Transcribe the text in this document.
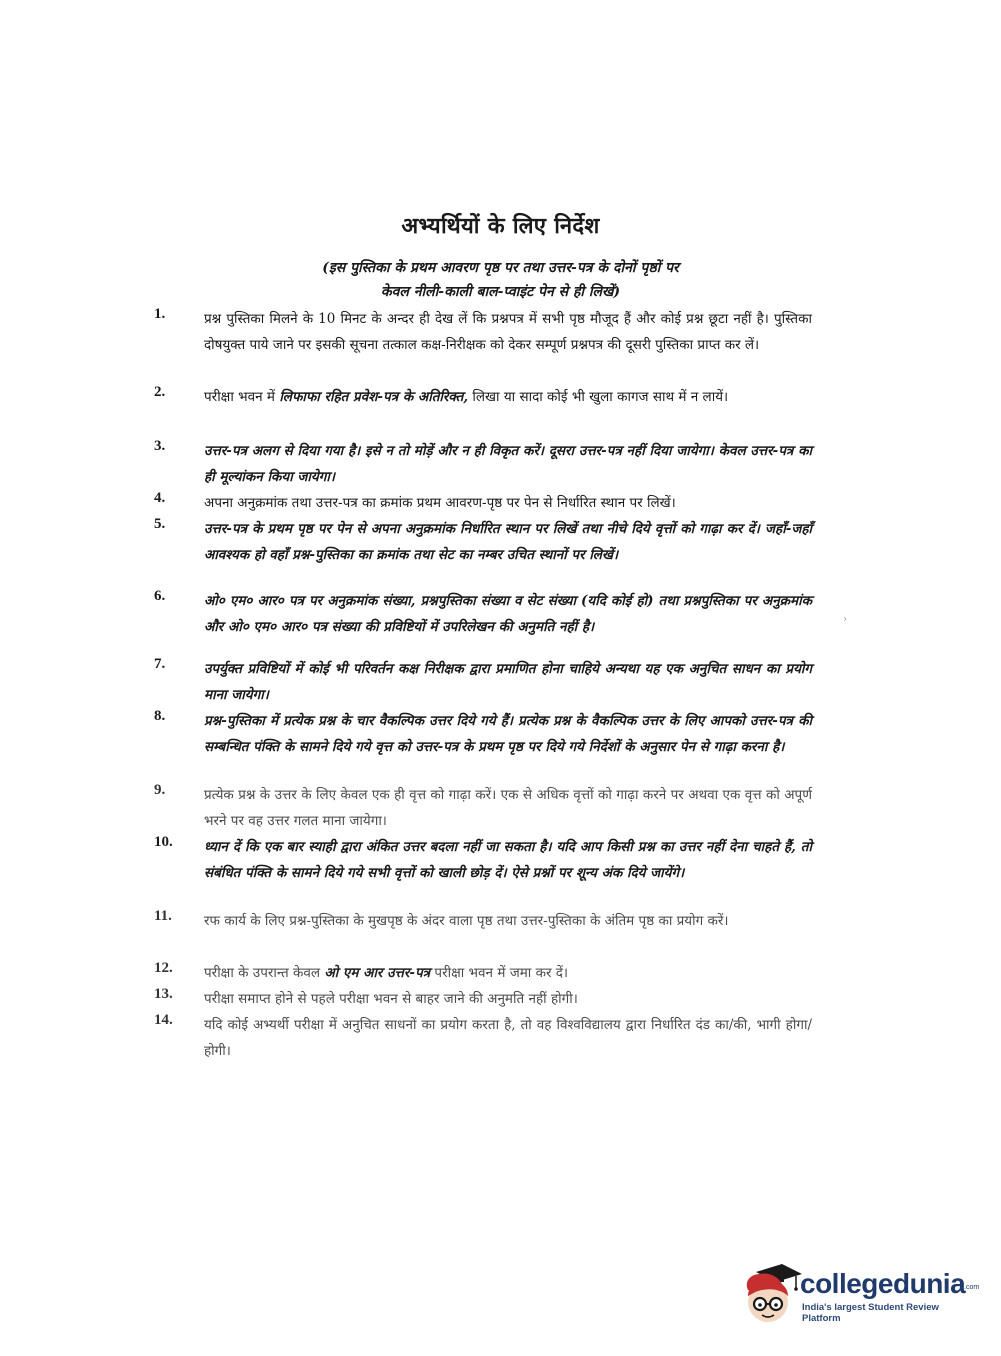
अभ्यर्थियों के लिए निर्देश
(इस पुस्तिका के प्रथम आवरण पृष्ठ पर तथा उत्तर-पत्र के दोनों पृष्ठों पर
केवल नीली-काली बाल-प्वाइंट पेन से ही लिखें)
1.	प्रश्न पुस्तिका मिलने के 10 मिनट के अन्दर ही देख लें कि प्रश्नपत्र में सभी पृष्ठ मौजूद हैं और कोई प्रश्न छूटा नहीं है। पुस्तिका दोषयुक्त पाये जाने पर इसकी सूचना तत्काल कक्ष-निरीक्षक को देकर सम्पूर्ण प्रश्नपत्र की दूसरी पुस्तिका प्राप्त कर लें।
2.	परीक्षा भवन में लिफाफा रहित प्रवेश-पत्र के अतिरिक्त, लिखा या सादा कोई भी खुला कागज साथ में न लायें।
3.	उत्तर-पत्र अलग से दिया गया है। इसे न तो मोड़ें और न ही विकृत करें। दूसरा उत्तर-पत्र नहीं दिया जायेगा। केवल उत्तर-पत्र का ही मूल्यांकन किया जायेगा।
4.	अपना अनुक्रमांक तथा उत्तर-पत्र का क्रमांक प्रथम आवरण-पृष्ठ पर पेन से निर्धारित स्थान पर लिखें।
5.	उत्तर-पत्र के प्रथम पृष्ठ पर पेन से अपना अनुक्रमांक निर्धारित स्थान पर लिखें तथा नीचे दिये वृत्तों को गाढ़ा कर दें। जहाँ-जहाँ आवश्यक हो वहाँ प्रश्न-पुस्तिका का क्रमांक तथा सेट का नम्बर उचित स्थानों पर लिखें।
6.	ओ० एम० आर० पत्र पर अनुक्रमांक संख्या, प्रश्नपुस्तिका संख्या व सेट संख्या (यदि कोई हो) तथा प्रश्नपुस्तिका पर अनुक्रमांक और ओ० एम० आर० पत्र संख्या की प्रविष्टियों में उपरिलेखन की अनुमति नहीं है।
7.	उपर्युक्त प्रविष्टियों में कोई भी परिवर्तन कक्ष निरीक्षक द्वारा प्रमाणित होना चाहिये अन्यथा यह एक अनुचित साधन का प्रयोग माना जायेगा।
8.	प्रश्न-पुस्तिका में प्रत्येक प्रश्न के चार वैकल्पिक उत्तर दिये गये हैं। प्रत्येक प्रश्न के वैकल्पिक उत्तर के लिए आपको उत्तर-पत्र की सम्बन्धित पंक्ति के सामने दिये गये वृत्त को उत्तर-पत्र के प्रथम पृष्ठ पर दिये गये निर्देशों के अनुसार पेन से गाढ़ा करना है।
9.	प्रत्येक प्रश्न के उत्तर के लिए केवल एक ही वृत्त को गाढ़ा करें। एक से अधिक वृत्तों को गाढ़ा करने पर अथवा एक वृत्त को अपूर्ण भरने पर वह उत्तर गलत माना जायेगा।
10.	ध्यान दें कि एक बार स्याही द्वारा अंकित उत्तर बदला नहीं जा सकता है। यदि आप किसी प्रश्न का उत्तर नहीं देना चाहते हैं, तो संबंधित पंक्ति के सामने दिये गये सभी वृत्तों को खाली छोड़ दें। ऐसे प्रश्नों पर शून्य अंक दिये जायेंगे।
11.	रफ कार्य के लिए प्रश्न-पुस्तिका के मुखपृष्ठ के अंदर वाला पृष्ठ तथा उत्तर-पुस्तिका के अंतिम पृष्ठ का प्रयोग करें।
12.	परीक्षा के उपरान्त केवल ओ एम आर उत्तर-पत्र परीक्षा भवन में जमा कर दें।
13.	परीक्षा समाप्त होने से पहले परीक्षा भवन से बाहर जाने की अनुमति नहीं होगी।
14.	यदि कोई अभ्यर्थी परीक्षा में अनुचित साधनों का प्रयोग करता है, तो वह विश्वविद्यालय द्वारा निर्धारित दंड का/की, भागी होगा/होगी।
›
collegedunia
.com
India's largest Student Review Platform
